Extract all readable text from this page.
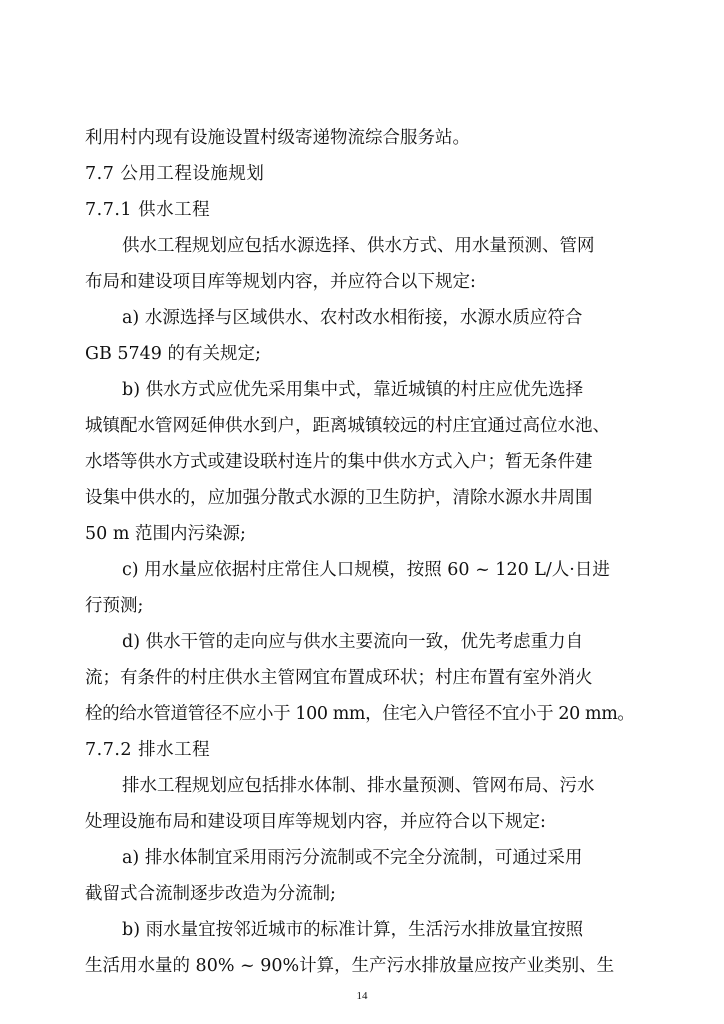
利用村内现有设施设置村级寄递物流综合服务站。
7.7 公用工程设施规划
7.7.1 供水工程
供水工程规划应包括水源选择、供水方式、用水量预测、管网
布局和建设项目库等规划内容，并应符合以下规定:
a) 水源选择与区域供水、农村改水相衔接，水源水质应符合
GB 5749 的有关规定;
b) 供水方式应优先采用集中式，靠近城镇的村庄应优先选择
城镇配水管网延伸供水到户，距离城镇较远的村庄宜通过高位水池、
水塔等供水方式或建设联村连片的集中供水方式入户；暂无条件建
设集中供水的，应加强分散式水源的卫生防护，清除水源水井周围
50 m 范围内污染源;
c) 用水量应依据村庄常住人口规模，按照 60 ~ 120 L/人·日进
行预测;
d) 供水干管的走向应与供水主要流向一致，优先考虑重力自
流；有条件的村庄供水主管网宜布置成环状；村庄布置有室外消火
栓的给水管道管径不应小于 100 mm，住宅入户管径不宜小于 20 mm。
7.7.2 排水工程
排水工程规划应包括排水体制、排水量预测、管网布局、污水
处理设施布局和建设项目库等规划内容，并应符合以下规定:
a) 排水体制宜采用雨污分流制或不完全分流制，可通过采用
截留式合流制逐步改造为分流制;
b) 雨水量宜按邻近城市的标准计算，生活污水排放量宜按照
生活用水量的 80% ~ 90%计算，生产污水排放量应按产业类别、生
14
